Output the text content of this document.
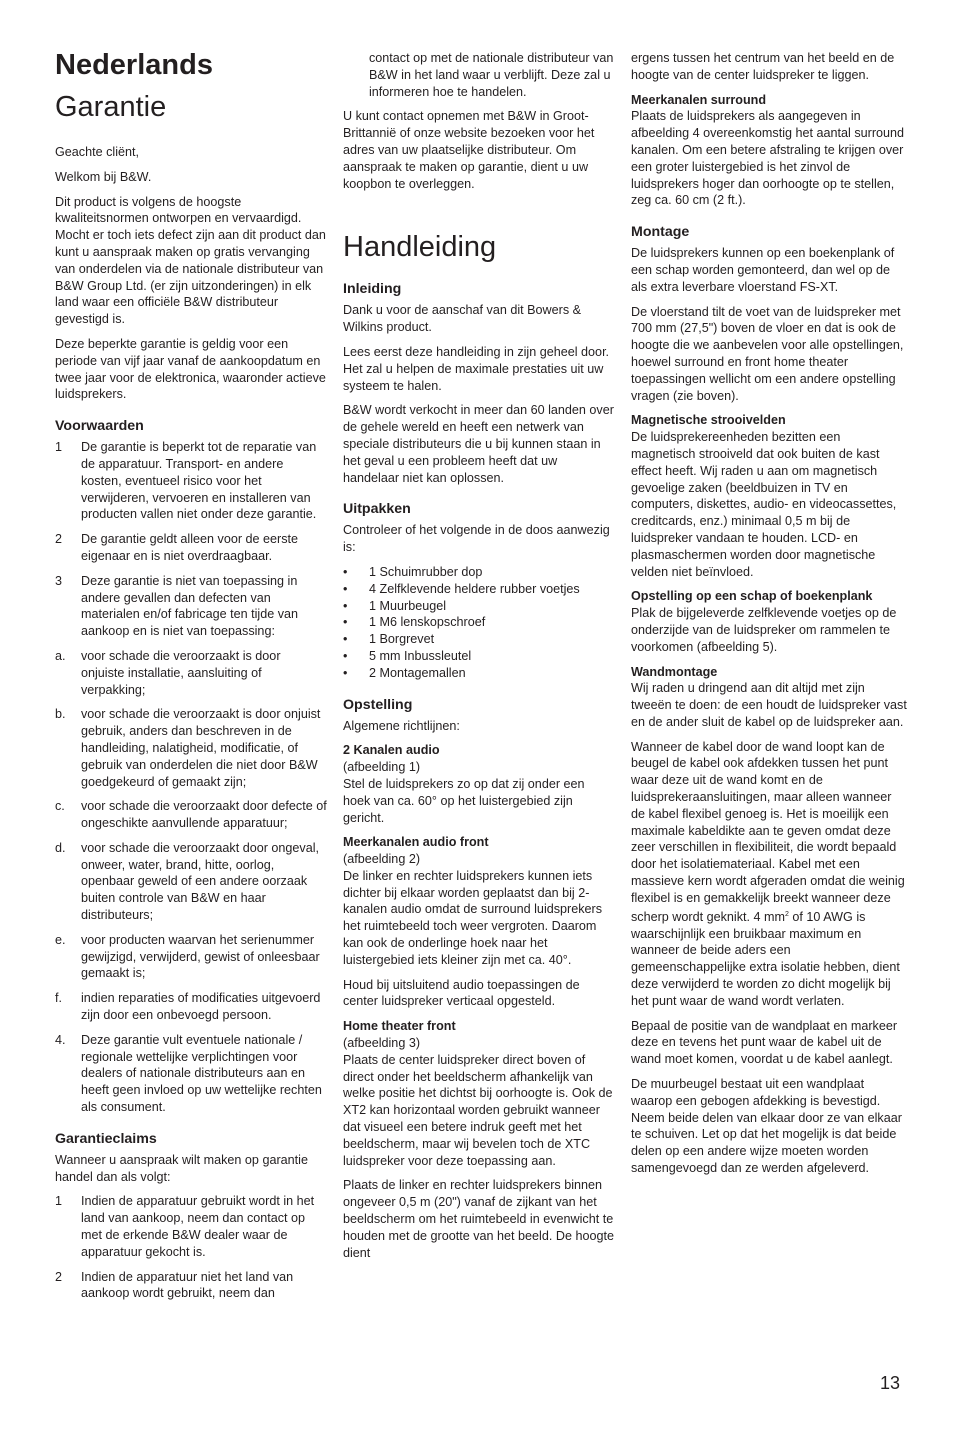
Nederlands
Garantie

Geachte cliënt,

Welkom bij B&W.

Dit product is volgens de hoogste kwaliteitsnormen ontworpen en vervaardigd. Mocht er toch iets defect zijn aan dit product dan kunt u aanspraak maken op gratis vervanging van onderdelen via de nationale distributeur van B&W Group Ltd. (er zijn uitzonderingen) in elk land waar een officiële B&W distributeur gevestigd is.

Deze beperkte garantie is geldig voor een periode van vijf jaar vanaf de aankoopdatum en twee jaar voor de elektronica, waaronder actieve luidsprekers.

Voorwaarden
1	De garantie is beperkt tot de reparatie van de apparatuur. Transport- en andere kosten, eventueel risico voor het verwijderen, vervoeren en installeren van producten vallen niet onder deze garantie.
2	De garantie geldt alleen voor de eerste eigenaar en is niet overdraagbaar.
3	Deze garantie is niet van toepassing in andere gevallen dan defecten van materialen en/of fabricage ten tijde van aankoop en is niet van toepassing:
a.	voor schade die veroorzaakt is door onjuiste installatie, aansluiting of verpakking;
b.	voor schade die veroorzaakt is door onjuist gebruik, anders dan beschreven in de handleiding, nalatigheid, modificatie, of gebruik van onderdelen die niet door B&W goedgekeurd of gemaakt zijn;
c.	voor schade die veroorzaakt door defecte of ongeschikte aanvullende apparatuur;
d.	voor schade die veroorzaakt door ongeval, onweer, water, brand, hitte, oorlog, openbaar geweld of een andere oorzaak buiten controle van B&W en haar distributeurs;
e.	voor producten waarvan het serienummer gewijzigd, verwijderd, gewist of onleesbaar gemaakt is;
f.	indien reparaties of modificaties uitgevoerd zijn door een onbevoegd persoon.
4.	Deze garantie vult eventuele nationale / regionale wettelijke verplichtingen voor dealers of nationale distributeurs aan en heeft geen invloed op uw wettelijke rechten als consument.
Garantieclaims

Wanneer u aanspraak wilt maken op garantie handel dan als volgt:

1	Indien de apparatuur gebruikt wordt in het land van aankoop, neem dan contact op met de erkende B&W dealer waar de apparatuur gekocht is.
2	Indien de apparatuur niet het land van aankoop wordt gebruikt, neem dan

contact op met de nationale distributeur van B&W in het land waar u verblijft. Deze zal u informeren hoe te handelen.

U kunt contact opnemen met B&W in Groot-Brittannië of onze website bezoeken voor het adres van uw plaatselijke distributeur. Om aanspraak te maken op garantie, dient u uw koopbon te overleggen.

Handleiding
Inleiding

Dank u voor de aanschaf van dit Bowers & Wilkins product.

Lees eerst deze handleiding in zijn geheel door. Het zal u helpen de maximale prestaties uit uw systeem te halen.

B&W wordt verkocht in meer dan 60 landen over de gehele wereld en heeft een netwerk van speciale distributeurs die u bij kunnen staan in het geval u een probleem heeft dat uw handelaar niet kan oplossen.

Uitpakken

Controleer of het volgende in de doos aanwezig is:

•	1 Schuimrubber dop
•	4 Zelfklevende heldere rubber voetjes
•	1 Muurbeugel
•	1 M6 lenskopschroef
•	1 Borgrevet
•	5 mm Inbussleutel
•	2 Montagemallen
Opstelling

Algemene richtlijnen:

2 Kanalen audio

(afbeelding 1)

Stel de luidsprekers zo op dat zij onder een hoek van ca. 60° op het luistergebied zijn gericht.

Meerkanalen audio front

(afbeelding 2)

De linker en rechter luidsprekers kunnen iets dichter bij elkaar worden geplaatst dan bij 2-kanalen audio omdat de surround luidsprekers het ruimtebeeld toch weer vergroten. Daarom kan ook de onderlinge hoek naar het luistergebied iets kleiner zijn met ca. 40°.

Houd bij uitsluitend audio toepassingen de center luidspreker verticaal opgesteld.

Home theater front

(afbeelding 3)

Plaats de center luidspreker direct boven of direct onder het beeldscherm afhankelijk van welke positie het dichtst bij oorhoogte is. Ook de XT2 kan horizontaal worden gebruikt wanneer dat visueel een betere indruk geeft met het beeldscherm, maar wij bevelen toch de XTC luidspreker voor deze toepassing aan.

Plaats de linker en rechter luidsprekers binnen ongeveer 0,5 m (20") vanaf de zijkant van het beeldscherm om het ruimtebeeld in evenwicht te houden met de grootte van het beeld. De hoogte dient

ergens tussen het centrum van het beeld en de hoogte van de center luidspreker te liggen.

Meerkanalen surround

Plaats de luidsprekers als aangegeven in afbeelding 4 overeenkomstig het aantal surround kanalen. Om een betere afstraling te krijgen over een groter luistergebied is het zinvol de luidsprekers hoger dan oorhoogte op te stellen, zeg ca. 60 cm (2 ft.).

Montage

De luidsprekers kunnen op een boekenplank of een schap worden gemonteerd, dan wel op de als extra leverbare vloerstand FS-XT.

De vloerstand tilt de voet van de luidspreker met 700 mm (27,5") boven de vloer en dat is ook de hoogte die we aanbevelen voor alle opstellingen, hoewel surround en front home theater toepassingen wellicht om een andere opstelling vragen (zie boven).

Magnetische strooivelden

De luidsprekereenheden bezitten een magnetisch strooiveld dat ook buiten de kast effect heeft. Wij raden u aan om magnetisch gevoelige zaken (beeldbuizen in TV en computers, diskettes, audio- en videocassettes, creditcards, enz.) minimaal 0,5 m bij de luidspreker vandaan te houden. LCD- en plasmaschermen worden door magnetische velden niet beïnvloed.

Opstelling op een schap of boekenplank

Plak de bijgeleverde zelfklevende voetjes op de onderzijde van de luidspreker om rammelen te voorkomen (afbeelding 5).

Wandmontage

Wij raden u dringend aan dit altijd met zijn tweeën te doen: de een houdt de luidspreker vast en de ander sluit de kabel op de luidspreker aan.

Wanneer de kabel door de wand loopt kan de beugel de kabel ook afdekken tussen het punt waar deze uit de wand komt en de luidsprekeraansluitingen, maar alleen wanneer de kabel flexibel genoeg is. Het is moeilijk een maximale kabeldikte aan te geven omdat deze zeer verschillen in flexibiliteit, die wordt bepaald door het isolatiemateriaal. Kabel met een massieve kern wordt afgeraden omdat die weinig flexibel is en gemakkelijk breekt wanneer deze scherp wordt geknikt. 4 $mm^2$ of 10 AWG is waarschijnlijk een bruikbaar maximum en wanneer de beide aders een gemeenschappelijke extra isolatie hebben, dient deze verwijderd te worden zo dicht mogelijk bij het punt waar de wand wordt verlaten.

Bepaal de positie van de wandplaat en markeer deze en tevens het punt waar de kabel uit de wand moet komen, voordat u de kabel aanlegt.

De muurbeugel bestaat uit een wandplaat waarop een gebogen afdekking is bevestigd. Neem beide delen van elkaar door ze van elkaar te schuiven. Let op dat het mogelijk is dat beide delen op een andere wijze moeten worden samengevoegd dan ze werden afgeleverd.

13
